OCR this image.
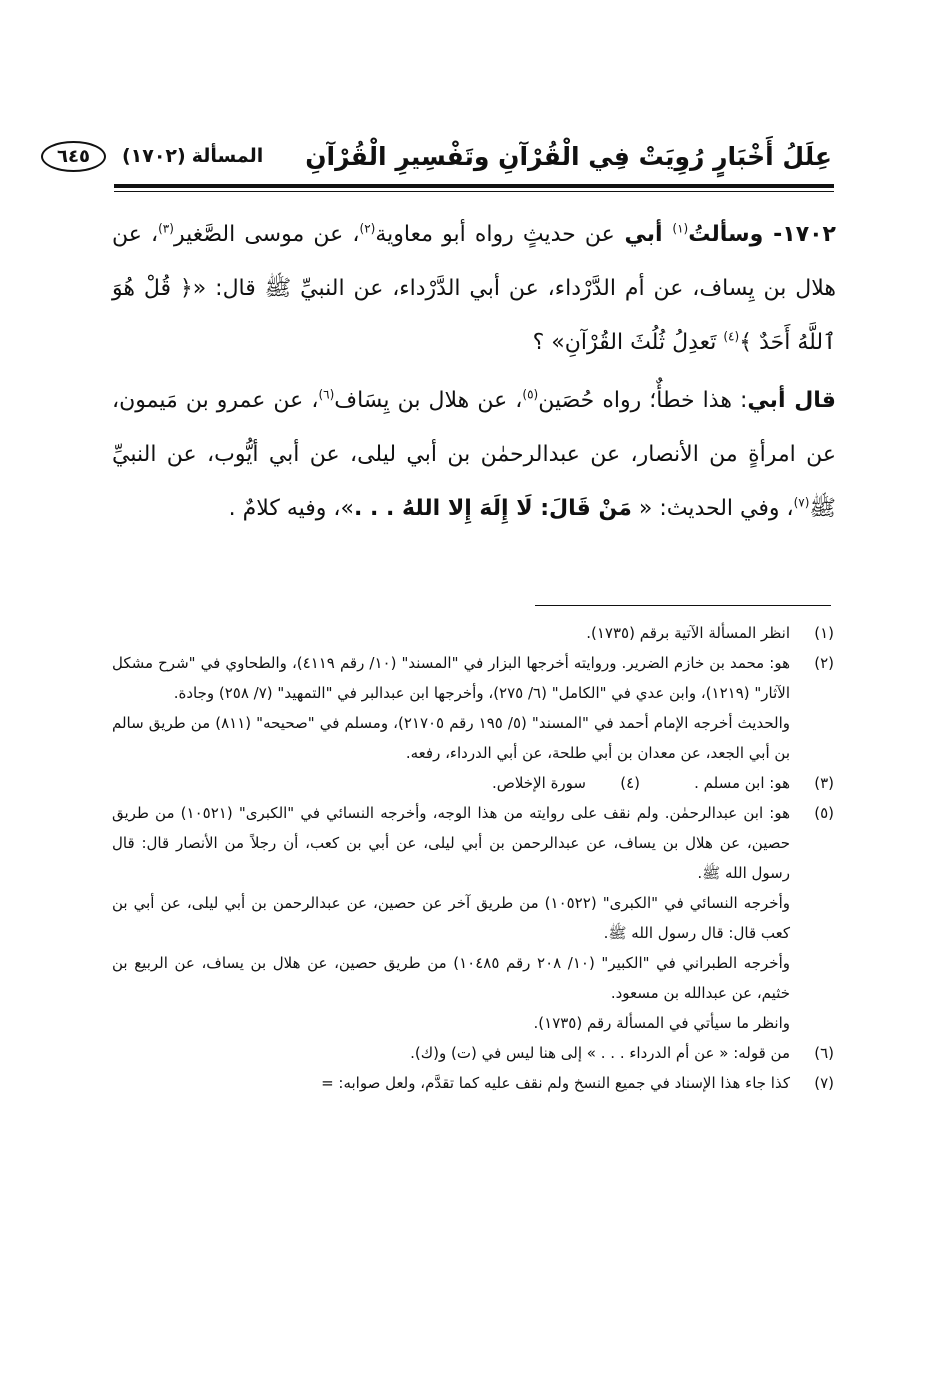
عِلَلُ أَخْبَارٍ رُوِيَتْ فِي الْقُرْآنِ وتَفْسِيرِ الْقُرْآنِ
المسألة
(١٧٠٢)
٦٤٥

١٧٠٢- وسألتُ$^{(١)}$ أبي عن حديثٍ رواه أبو معاوية$^{(٢)}$، عن موسى الصَّغير$^{(٣)}$، عن هلال بن يِساف، عن أم الدَّرْداء، عن أبي الدَّرْداء، عن النبيِّ ﷺ قال: «﴿ قُلْ هُوَ ٱللَّهُ أَحَدٌ ﴾$^{(٤)}$ تَعدِلُ ثُلُثَ القُرْآنِ» ؟

قال أبي: هذا خطأٌ؛ رواه حُصَين$^{(٥)}$، عن هلال بن يِسَاف$^{(٦)}$، عن عمرو بن مَيمون، عن امرأةٍ من الأنصار، عن عبدالرحمٰن بن أبي ليلى، عن أبي أيُّوب، عن النبيِّ ﷺ$^{(٧)}$، وفي الحديث: « مَنْ قَالَ: لَا إِلَهَ إِلا اللهُ . . .»، وفيه كلامٌ .

(١)
انظر المسألة الآتية برقم (١٧٣٥).
(٢)
هو: محمد بن خازم الضرير. وروايته أخرجها البزار في "المسند" (١٠/ رقم ٤١١٩)، والطحاوي في "شرح مشكل الآثار" (١٢١٩)، وابن عدي في "الكامل" (٦/ ٢٧٥)، وأخرجها ابن عبدالبر في "التمهيد" (٧/ ٢٥٨) وجادة.
والحديث أخرجه الإمام أحمد في "المسند" (٥/ ١٩٥ رقم ٢١٧٠٥)، ومسلم في "صحيحه" (٨١١) من طريق سالم بن أبي الجعد، عن معدان بن أبي طلحة، عن أبي الدرداء، رفعه.
(٣)
هو: ابن مسلم .
(٤)
سورة الإخلاص.
(٥)
هو: ابن عبدالرحمٰن. ولم نقف على روايته من هذا الوجه، وأخرجه النسائي في "الكبرى" (١٠٥٢١) من طريق حصين، عن هلال بن يساف، عن عبدالرحمن بن أبي ليلى، عن أبي بن كعب، أن رجلاً من الأنصار قال: قال رسول الله ﷺ.
وأخرجه النسائي في "الكبرى" (١٠٥٢٢) من طريق آخر عن حصين، عن عبدالرحمن بن أبي ليلى، عن أبي بن كعب قال: قال رسول الله ﷺ.
وأخرجه الطبراني في "الكبير" (١٠/ ٢٠٨ رقم ١٠٤٨٥) من طريق حصين، عن هلال بن يساف، عن الربيع بن خثيم، عن عبدالله بن مسعود.
وانظر ما سيأتي في المسألة رقم (١٧٣٥).
(٦)
من قوله: « عن أم الدرداء . . . » إلى هنا ليس في (ت) و(ك).
(٧)
كذا جاء هذا الإسناد في جميع النسخ ولم نقف عليه كما تقدَّم، ولعل صوابه: =
